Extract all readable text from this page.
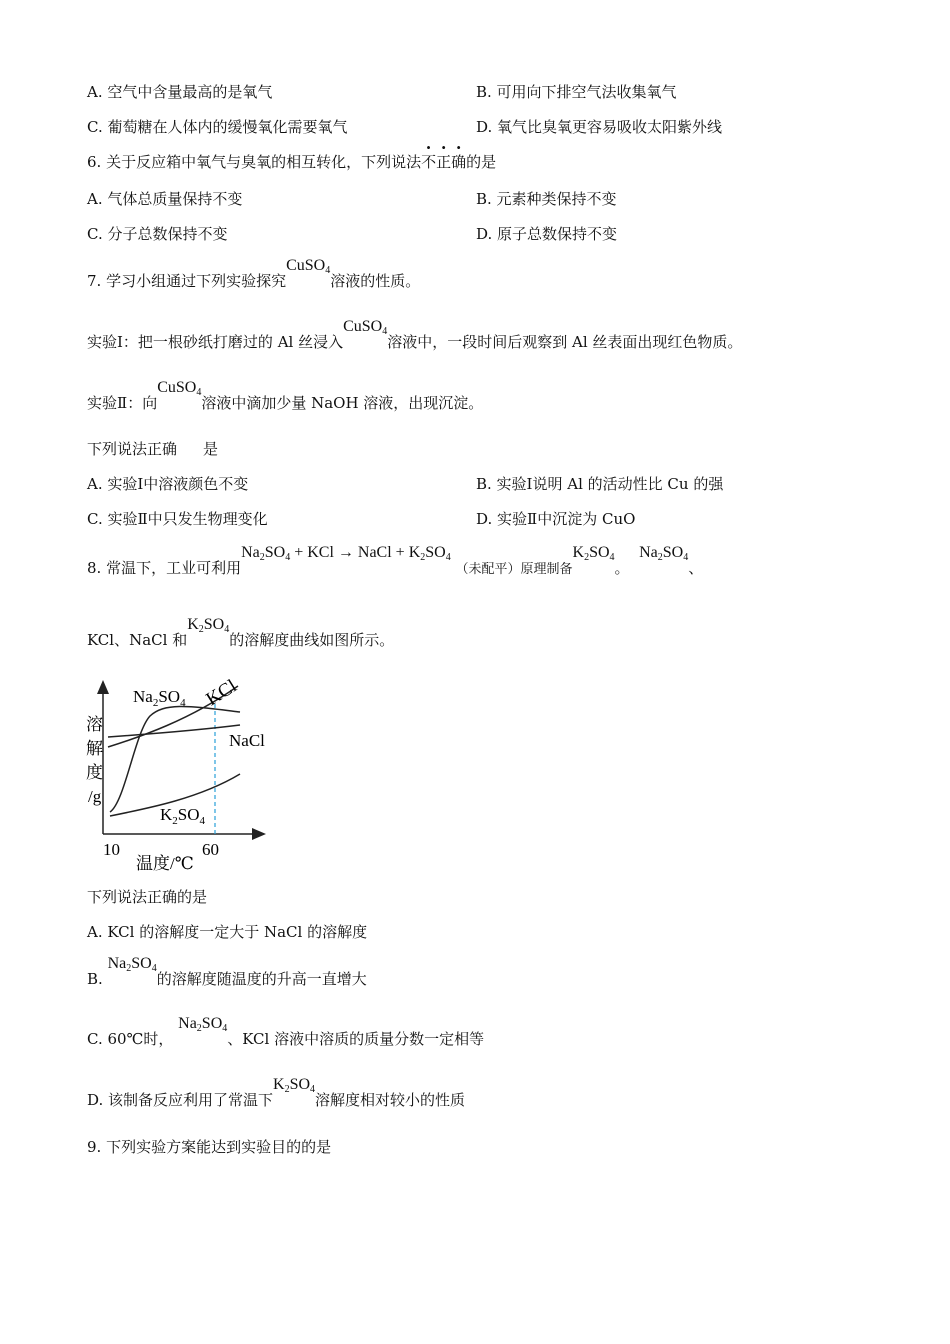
A. 空气中含量最高的是氧气	B. 可用向下排空气法收集氧气
C. 葡萄糖在人体内的缓慢氧化需要氧气	D. 氧气比臭氧更容易吸收太阳紫外线
6. 关于反应箱中氧气与臭氧的相互转化，下列说法不正确的是
A. 气体总质量保持不变	B. 元素种类保持不变
C. 分子总数保持不变	D. 原子总数保持不变
7. 学习小组通过下列实验探究CuSO$_4$溶液的性质。
实验Ⅰ：把一根砂纸打磨过的 Al 丝浸入CuSO$_4$溶液中，一段时间后观察到 Al 丝表面出现红色物质。
实验Ⅱ：向CuSO$_4$溶液中滴加少量 NaOH 溶液，出现沉淀。
下列说法正确 是
A. 实验Ⅰ中溶液颜色不变	B. 实验Ⅰ说明 Al 的活动性比 Cu 的强
C. 实验Ⅱ中只发生物理变化	D. 实验Ⅱ中沉淀为 CuO
8. 常温下，工业可利用$Na_2SO_4$ + KCl → NaCl + $K_2SO_4$ （未配平）原理制备$K_2SO_4$。  $Na_2SO_4$、
KCl、NaCl 和$K_2SO_4$的溶解度曲线如图所示。
$Na_2SO_4$ KCl
NaCl
$K_2SO_4$
溶
解
度
/g
10	60
温度/℃
下列说法正确的是
A. KCl 的溶解度一定大于 NaCl 的溶解度
B. $Na_2SO_4$的溶解度随温度的升高一直增大
C. 60℃时， $Na_2SO_4$、KCl 溶液中溶质的质量分数一定相等
D. 该制备反应利用了常温下$K_2SO_4$溶解度相对较小的性质
9. 下列实验方案能达到实验目的的是
